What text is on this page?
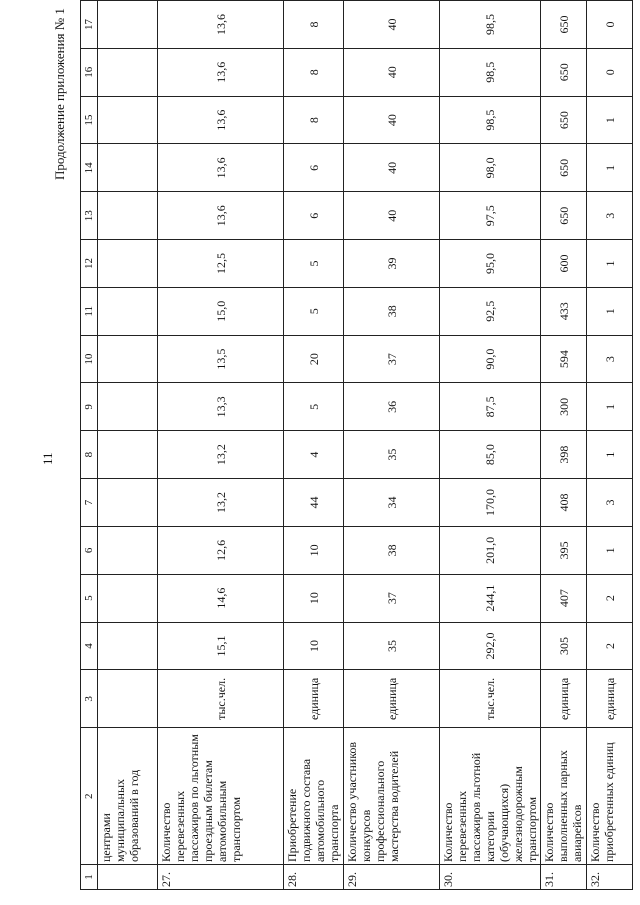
11
Продолжение приложения № 1
1	2	3	4	5	6	7	8	9	10	11	12	13	14	15	16	17
	центрами муниципальных образований в год															
27.	Количество перевезенных пассажиров по льготным проездным билетам автомобильным транспортом	тыс.чел.	15,1	14,6	12,6	13,2	13,2	13,3	13,5	15,0	12,5	13,6	13,6	13,6	13,6	13,6
28.	Приобретение подвижного состава автомобильного транспорта	единица	10	10	10	44	4	5	20	5	5	6	6	8	8	8
29.	Количество участников конкурсов профессионального мастерства водителей	единица	35	37	38	34	35	36	37	38	39	40	40	40	40	40
30.	Количество перевезенных пассажиров льготной категории (обучающихся) железнодорожным транспортом	тыс.чел.	292,0	244,1	201,0	170,0	85,0	87,5	90,0	92,5	95,0	97,5	98,0	98,5	98,5	98,5
31.	Количество выполненных парных авиарейсов	единица	305	407	395	408	398	300	594	433	600	650	650	650	650	650
32.	Количество приобретенных единиц	единица	2	2	1	3	1	1	3	1	1	3	1	1	0	0
